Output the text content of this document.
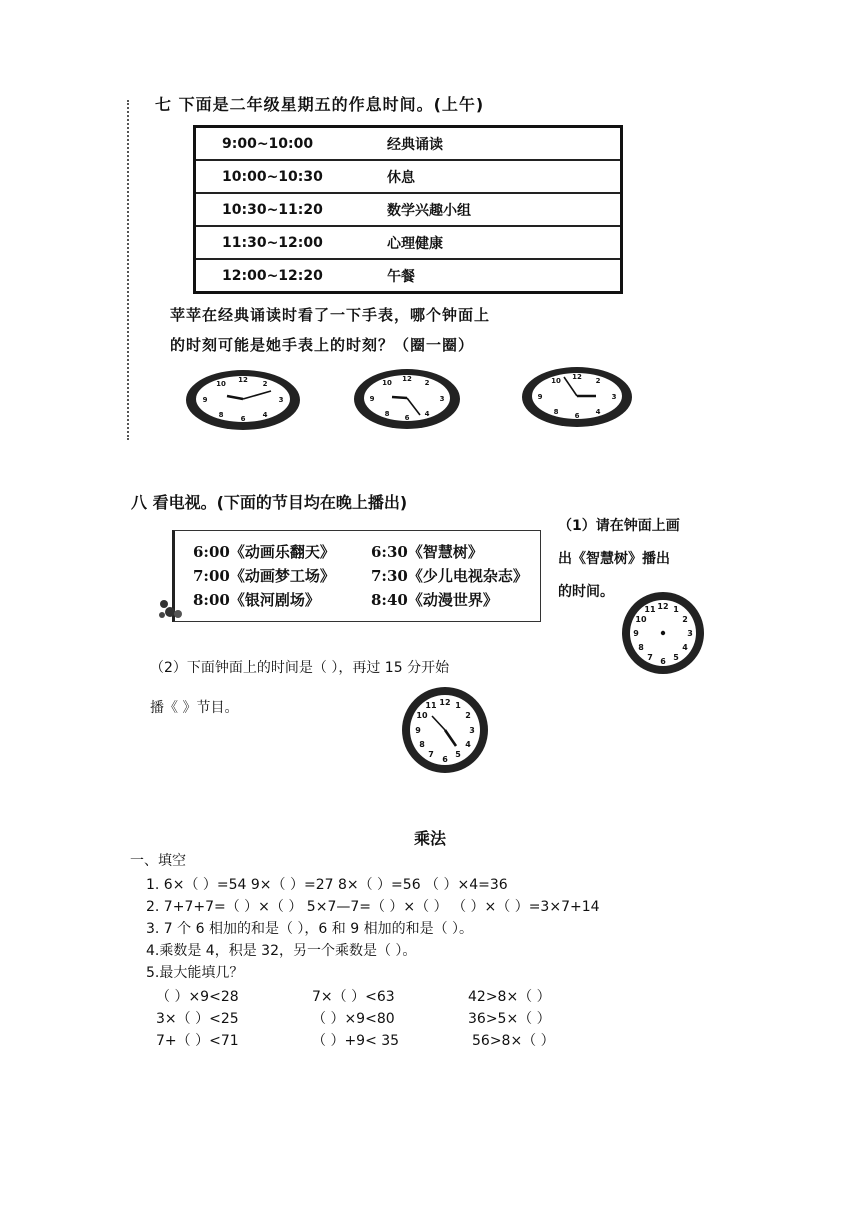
七 下面是二年级星期五的作息时间。(上午)
9:00~10:00	经典诵读
10:00~10:30	休息
10:30~11:20	数学兴趣小组
11:30~12:00	心理健康
12:00~12:20	午餐
苹苹在经典诵读时看了一下手表，哪个钟面上
的时刻可能是她手表上的时刻？（圈一圈）
12
3
6
9
2
10
4
8
12
3
6
9
2
10
4
8
12
3
6
9
2
10
4
8
八 看电视。(下面的节目均在晚上播出)
6:00《动画乐翻天》 6:30《智慧树》
7:00《动画梦工场》 7:30《少儿电视杂志》
8:00《银河剧场》	8:40《动漫世界》
（1）请在钟面上画
出《智慧树》播出
的时间。
12 1
2
3
4
5
6
7
8
9
10
11
（2）下面钟面上的时间是（ ），再过 15 分开始
播《 》节目。	12 1
2
3
4
5
6
7
8
9
10
11
乘法
一、填空
1. 6×（ ）=54 9×（ ）=27 8×（ ）=56 （ ）×4=36
2. 7+7+7=（ ）×（ ） 5×7—7=（ ）×（ ） （ ）×（ ）=3×7+14
3. 7 个 6 相加的和是（ ），6 和 9 相加的和是（ ）。
4.乘数是 4，积是 32，另一个乘数是（ ）。
5.最大能填几？
（ ）×9<28	7×（ ）<63	42>8×（ ）
3×（ ）<25	（ ）×9<80	36>5×（ ）
7+（ ）<71	（ ）+9< 35	56>8×（ ）
